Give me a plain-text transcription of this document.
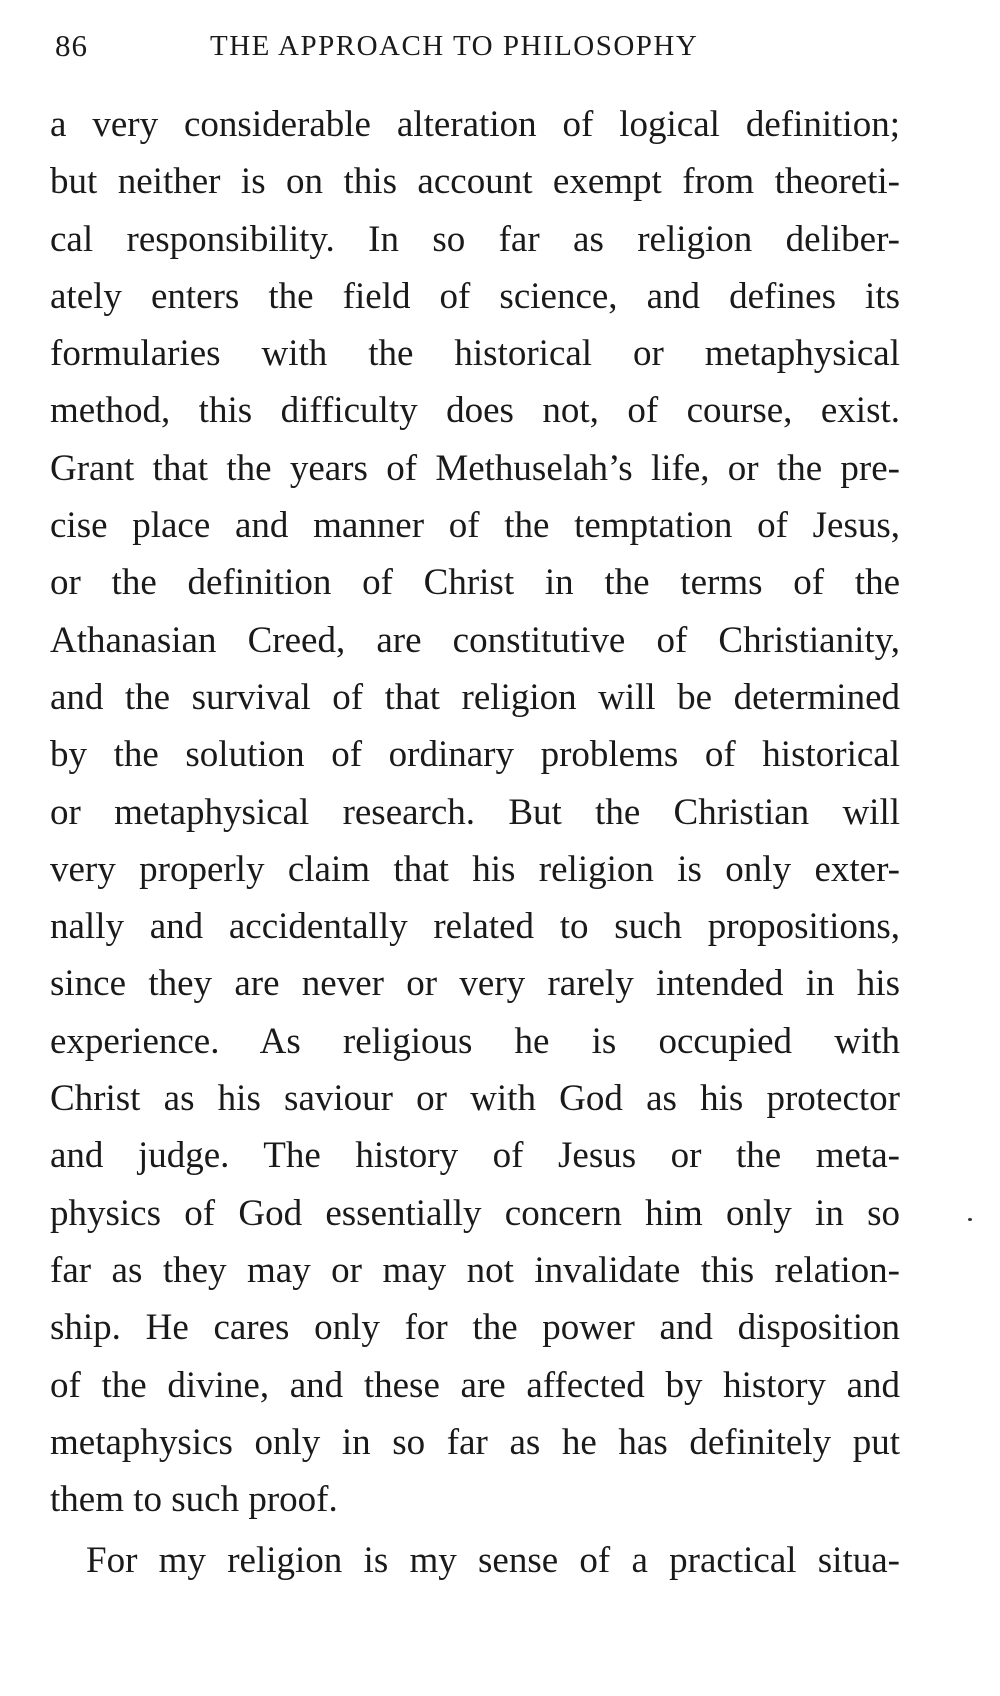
86	THE APPROACH TO PHILOSOPHY
a very considerable alteration of logical definition;
but neither is on this account exempt from theoreti-
cal responsibility. In so far as religion deliber-
ately enters the field of science, and defines its
formularies with the historical or metaphysical
method, this difficulty does not, of course, exist.
Grant that the years of Methuselah’s life, or the pre-
cise place and manner of the temptation of Jesus,
or the definition of Christ in the terms of the
Athanasian Creed, are constitutive of Christianity,
and the survival of that religion will be determined
by the solution of ordinary problems of historical
or metaphysical research. But the Christian will
very properly claim that his religion is only exter-
nally and accidentally related to such propositions,
since they are never or very rarely intended in his
experience. As religious he is occupied with
Christ as his saviour or with God as his protector
and judge. The history of Jesus or the meta-
physics of God essentially concern him only in so
far as they may or may not invalidate this relation-
ship. He cares only for the power and disposition
of the divine, and these are affected by history and
metaphysics only in so far as he has definitely put
them to such proof.
For my religion is my sense of a practical situa-
